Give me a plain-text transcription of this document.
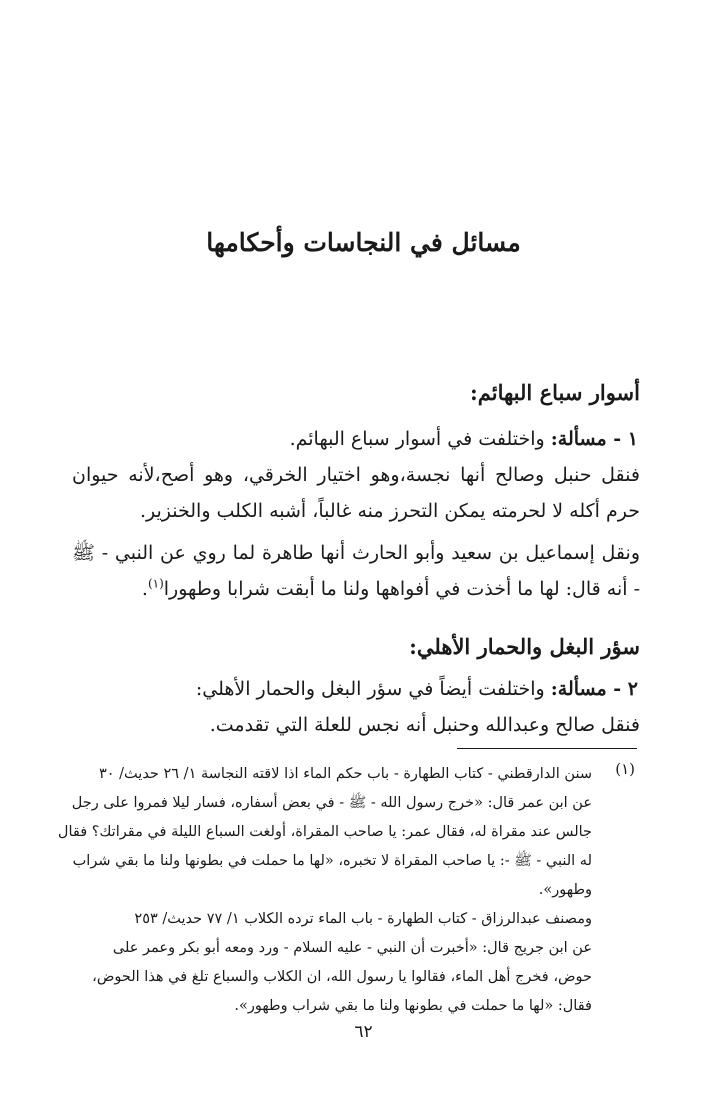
مسائل في النجاسات وأحكامها
أسوار سباع البهائم:

١ - مسألة: واختلفت في أسوار سباع البهائم.

فنقل حنبل وصالح أنها نجسة،وهو اختيار الخرقي، وهو أصح،لأنه حيوان حرم أكله لا لحرمته يمكن التحرز منه غالباً، أشبه الكلب والخنزير.

ونقل إسماعيل بن سعيد وأبو الحارث أنها طاهرة لما روي عن النبي - ﷺ - أنه قال: لها ما أخذت في أفواهها ولنا ما أبقت شرابا وطهورا$^{(١)}$.

سؤر البغل والحمار الأهلي:

٢ - مسألة: واختلفت أيضاً في سؤر البغل والحمار الأهلي:

فنقل صالح وعبدالله وحنبل أنه نجس للعلة التي تقدمت.

(١)

سنن الدارقطني - كتاب الطهارة - باب حكم الماء اذا لاقته النجاسة ١/ ٢٦ حديث/ ٣٠

عن ابن عمر قال: «خرج رسول الله - ﷺ - في بعض أسفاره، فسار ليلا فمروا على رجل

جالس عند مقراة له، فقال عمر: يا صاحب المقراة، أولغت السباع الليلة في مقراتك؟ فقال

له النبي - ﷺ -: يا صاحب المقراة لا تخبره، «لها ما حملت في بطونها ولنا ما بقي شراب

وطهور».

ومصنف عبدالرزاق - كتاب الطهارة - باب الماء ترده الكلاب ١/ ٧٧ حديث/ ٢٥٣

عن ابن جريج قال: «أخبرت أن النبي - عليه السلام - ورد ومعه أبو بكر وعمر على

حوض، فخرج أهل الماء، فقالوا يا رسول الله، ان الكلاب والسباع تلغ في هذا الحوض،

فقال: «لها ما حملت في بطونها ولنا ما بقي شراب وطهور».

٦٢
